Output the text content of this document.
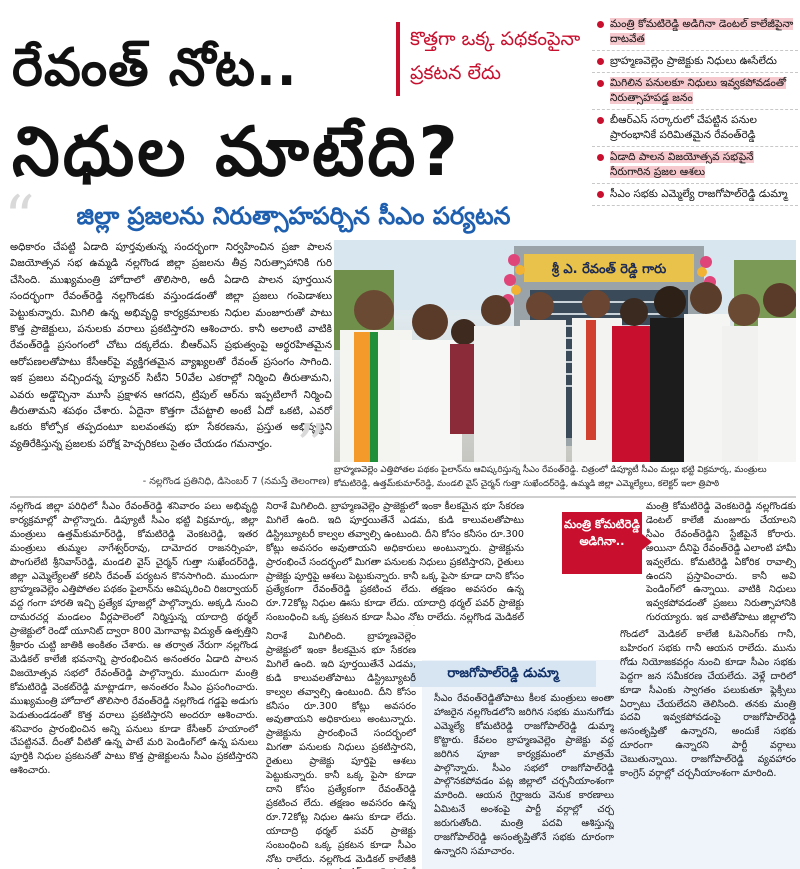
రేవంత్ నోట..
నిధుల మాటేది?
కొత్తగా ఒక్క పథకంపైనా ప్రకటన లేదు
జిల్లా ప్రజలను నిరుత్సాహపర్చిన సీఎం పర్యటన
మంత్రి కోమటిరెడ్డి అడిగినా డెంటల్ కాలేజీపైనా దాటవేత
బ్రాహ్మణవెల్లెం ప్రాజెక్టుకు నిధులు ఊసేలేదు
మిగిలిన పనులకూ నిధులు ఇవ్వకపోవడంతో నిరుత్సాహపడ్డ జనం
బీఆర్ఎస్ సర్కారులో చేపట్టిన పనుల ప్రారంభానికే పరిమితమైన రేవంత్‌రెడ్డి
ఏడాది పాలన విజయోత్సవ సభపైనే నీరుగారిన ప్రజల ఆశలు
సీఎం సభకు ఎమ్మెల్యే రాజగోపాల్‌రెడ్డి డుమ్మా
“ అధికారం చేపట్టి ఏడాది పూర్తవుతున్న సందర్భంగా నిర్వహించిన ప్రజా పాలన విజయోత్సవ సభ ఉమ్మడి నల్లగొండ జిల్లా ప్రజలను తీవ్ర నిరుత్సాహానికి గురి చేసింది. ముఖ్యమంత్రి హోదాలో తొలిసారి, అదీ ఏడాది పాలన పూర్తయిన సందర్భంగా రేవంత్‌రెడ్డి నల్లగొండకు వస్తుండడంతో జిల్లా ప్రజలు గంపెడాశలు పెట్టుకున్నారు. మిగిలి ఉన్న అభివృద్ధి కార్యక్రమాలకు నిధుల మంజూరుతో పాటు కొత్త ప్రాజెక్టులు, పనులకు వరాలు ప్రకటిస్తారని ఆశించారు. కానీ అలాంటి వాటికి రేవంత్‌రెడ్డి ప్రసంగంలో చోటు దక్కలేదు. బీఆర్ఎస్ ప్రభుత్వంపై అర్థరహితమైన ఆరోపణలతోపాటు కేసీఆర్‌పై వ్యక్తిగతమైన వ్యాఖ్యలతో రేవంత్ ప్రసంగం సాగింది. ఇక ప్రజలు వచ్చిందన్న ప్యూచర్ సిటీని 50వేల ఎకరాల్లో నిర్మించి తీరుతామని, ఎవరు అడ్డొచ్చినా మూసీ ప్రక్షాళన ఆగదని, ట్రిపుల్ ఆర్‌ను ఇప్పటిలాగే నిర్మించి తీరుతామని శపథం చేశారు. ఏదైనా కొత్తగా చేపట్టాలి అంటే ఏదో ఒకటి, ఎవరో ఒకరు కోల్పోక తప్పదంటూ బలవంతపు భూ సేకరణను, ప్రస్తుత అభివృద్ధిని వ్యతిరేకిస్తున్న ప్రజలకు పరోక్ష హెచ్చరికలు సైతం చేయడం గమనార్హం. ”
- నల్లగొండ ప్రతినిధి, డిసెంబర్ 7 (నమస్తే తెలంగాణ)
శ్రీ ఎ. రేవంత్ రెడ్డి గారు
బ్రాహ్మణవెల్లెం ఎత్తిపోతల పథకం పైలాన్‌ను ఆవిష్కరిస్తున్న సీఎం రేవంత్‌రెడ్డి. చిత్రంలో డిప్యూటీ సీఎం మల్లు భట్టి విక్రమార్క, మంత్రులు కోమటిరెడ్డి, ఉత్తమ్‌కుమార్‌రెడ్డి, మండలి వైస్ చైర్మన్ గుత్తా సుఖేందర్‌రెడ్డి, ఉమ్మడి జిల్లా ఎమ్మెల్యేలు, కలెక్టర్ ఇలా త్రిపాఠి
నల్లగొండ జిల్లా పరిధిలో సీఎం రేవంత్‌రెడ్డి శనివారం పలు అభివృద్ధి కార్యక్రమాల్లో పాల్గొన్నారు. డిప్యూటీ సీఎం భట్టి విక్రమార్క, జిల్లా మంత్రులు ఉత్తమ్‌కుమార్‌రెడ్డి, కోమటిరెడ్డి వెంకటరెడ్డి, ఇతర మంత్రులు తుమ్మల నాగేశ్వర్‌రావు, దామోదర రాజనర్సింహ, పొంగులేటి శ్రీనివాస్‌రెడ్డి, మండలి వైస్ చైర్మన్ గుత్తా సుఖేందర్‌రెడ్డి, జిల్లా ఎమ్మెల్యేలతో కలిసి రేవంత్ పర్యటన కొనసాగింది. ముందుగా బ్రాహ్మణవెల్లెం ఎత్తిపోతల పథకం పైలాన్‌ను ఆవిష్కరించి రిజర్వాయర్ వద్ద గంగా హారతి ఇచ్చి ప్రత్యేక పూజల్లో పాల్గొన్నారు. అక్కడి నుంచి దామరచర్ల మండలం వీర్లపాలెంలో నిర్మిస్తున్న యాదాద్రి థర్మల్ ప్రాజెక్టులో రెండో యూనిట్ ద్వారా 800 మెగావాట్ల విద్యుత్ ఉత్పత్తిని శ్రీకారం చుట్టి జాతికి అంకితం చేశారు. ఆ తర్వాత నేరుగా నల్లగొండ మెడికల్ కాలేజీ భవనాన్ని ప్రారంభించిన అనంతరం ఏడాది పాలన విజయోత్సవ సభలో రేవంత్‌రెడ్డి పాల్గొన్నారు. ముందుగా మంత్రి కోమటిరెడ్డి వెంకట్‌రెడ్డి మాట్లాడగా, అనంతరం సీఎం ప్రసంగించారు. ముఖ్యమంత్రి హోదాలో తొలిసారి రేవంత్‌రెడ్డి నల్లగొండ గడ్డపై అడుగు పెడుతుండడంతో కొత్త వరాలు ప్రకటిస్తారని అందరూ ఆశించారు. శనివారం ప్రారంభించిన అన్ని పనులు కూడా కేసీఆర్ హయాంలో చేపట్టినవే. దీంతో వీటితో ఉన్న పాటే మరి పెండింగ్‌లో ఉన్న పనులు పూర్తికి నిధుల ప్రకటనతో పాటు కొత్త ప్రాజెక్టులను సీఎం ప్రకటిస్తారని ఆశించారు.
నిరాశే మిగిలింది. బ్రాహ్మణవెల్లెం ప్రాజెక్టులో ఇంకా కీలకమైన భూ సేకరణ మిగిలే ఉంది. ఇది పూర్తయితేనే ఎడమ, కుడి కాలువలతోపాటు డిస్ట్రిబ్యూటరీ కాల్వల తవ్వాల్సి ఉంటుంది. దీని కోసం కనీసం రూ.300 కోట్లు అవసరం అవుతాయని అధికారులు అంటున్నారు. ప్రాజెక్టును ప్రారంభించే సందర్భంలో మిగతా పనులకు నిధులు ప్రకటిస్తారని, రైతులు ప్రాజెక్టు పూర్తిపై ఆశలు పెట్టుకున్నారు. కానీ ఒక్క పైసా కూడా దాని కోసం ప్రత్యేకంగా రేవంత్‌రెడ్డి ప్రకటించ లేదు. తక్షణం అవసరం ఉన్న రూ.72కోట్ల నిధుల ఊసు కూడా లేదు. యాదాద్రి థర్మల్ పవర్ ప్రాజెక్టు సంబంధించి ఒక్క ప్రకటన కూడా సీఎం నోట రాలేదు. నల్లగొండ మెడికల్
మంత్రి కోమటిరెడ్డి వెంకటరెడ్డి నల్లగొండకు డెంటల్ కాలేజీ మంజూరు చేయాలని సీఎం రేవంత్‌రెడ్డిని స్టేజీపైనే కోరారు. అయినా దీనిపై రేవంత్‌రెడ్డి ఎలాంటి హామీ ఇవ్వలేదు. కోమటిరెడ్డి ఏకోరిక రావాల్సి ఉందని ప్రస్తావించారు. కానీ అవి పెండింగ్‌లో ఉన్నాయి. వాటికి నిధులు ఇవ్వకపోవడంతో ప్రజలు నిరుత్సాహానికి గురయ్యారు. ఇక వాటితోపాటు జిల్లాలోని
మంత్రి కోమటిరెడ్డి అడిగినా..
రాజగోపాల్‌రెడ్డి డుమ్మా
సీఎం రేవంత్‌రెడ్డితోపాటు కీలక మంత్రులు అంతా హాజరైన నల్లగొండలోని జరిగిన సభకు మునుగోడు ఎమ్మెల్యే కోమటిరెడ్డి రాజగోపాల్‌రెడ్డి డుమ్మా కొట్టారు. కేవలం బ్రాహ్మణవెల్లెం ప్రాజెక్టు వద్ద జరిగిన పూజా కార్యక్రమంలో మాత్రమే పాల్గొన్నారు. సీఎం సభలో రాజగోపాల్‌రెడ్డి పాల్గొనకపోవడం పట్ల జిల్లాలో చర్చనీయాంశంగా మారింది. ఆయన గైర్హాజరు వెనుక కారణాలు ఏమిటనే అంశంపై పార్టీ వర్గాల్లో చర్చ జరుగుతోంది. మంత్రి పదవి ఆశిస్తున్న రాజగోపాల్‌రెడ్డి అసంతృప్తితోనే సభకు దూరంగా ఉన్నారని సమాచారం.
గొండలో మెడికల్ కాలేజీ ఓపెనింగ్‌కు గానీ, బహిరంగ సభకు గానీ ఆయన రాలేదు. మును గోడు నియోజకవర్గం నుంచి కూడా సీఎం సభకు పెద్దగా జన సమీకరణ చేయలేదు. వెళ్లే దారిలో కూడా సీఎంకు స్వాగతం పలుకుతూ ఫ్లెక్సీలు ఏర్పాటు చేయలేదని తెలిసింది. తనకు మంత్రి పదవి ఇవ్వకపోవడంపై రాజగోపాల్‌రెడ్డి అసంతృప్తితో ఉన్నారని, అందుకే సభకు దూరంగా ఉన్నారని పార్టీ వర్గాలు చెబుతున్నాయి. రాజగోపాల్‌రెడ్డి వ్యవహారం కాంగ్రెస్ వర్గాల్లో చర్చనీయాంశంగా మారింది.
నిరాశే మిగిలింది. బ్రాహ్మణవెల్లెం ప్రాజెక్టులో ఇంకా కీలకమైన భూ సేకరణ మిగిలే ఉంది. ఇది పూర్తయితేనే ఎడమ, కుడి కాలువలతోపాటు డిస్ట్రిబ్యూటరీ కాల్వల తవ్వాల్సి ఉంటుంది. దీని కోసం కనీసం రూ.300 కోట్లు అవసరం అవుతాయని అధికారులు అంటున్నారు. ప్రాజెక్టును ప్రారంభించే సందర్భంలో మిగతా పనులకు నిధులు ప్రకటిస్తారని, రైతులు ప్రాజెక్టు పూర్తిపై ఆశలు పెట్టుకున్నారు. కానీ ఒక్క పైసా కూడా దాని కోసం ప్రత్యేకంగా రేవంత్‌రెడ్డి ప్రకటించ లేదు. తక్షణం అవసరం ఉన్న రూ.72కోట్ల నిధుల ఊసు కూడా లేదు. యాదాద్రి థర్మల్ పవర్ ప్రాజెక్టు సంబంధించి ఒక్క ప్రకటన కూడా సీఎం నోట రాలేదు. నల్లగొండ మెడికల్ కాలేజీకి
